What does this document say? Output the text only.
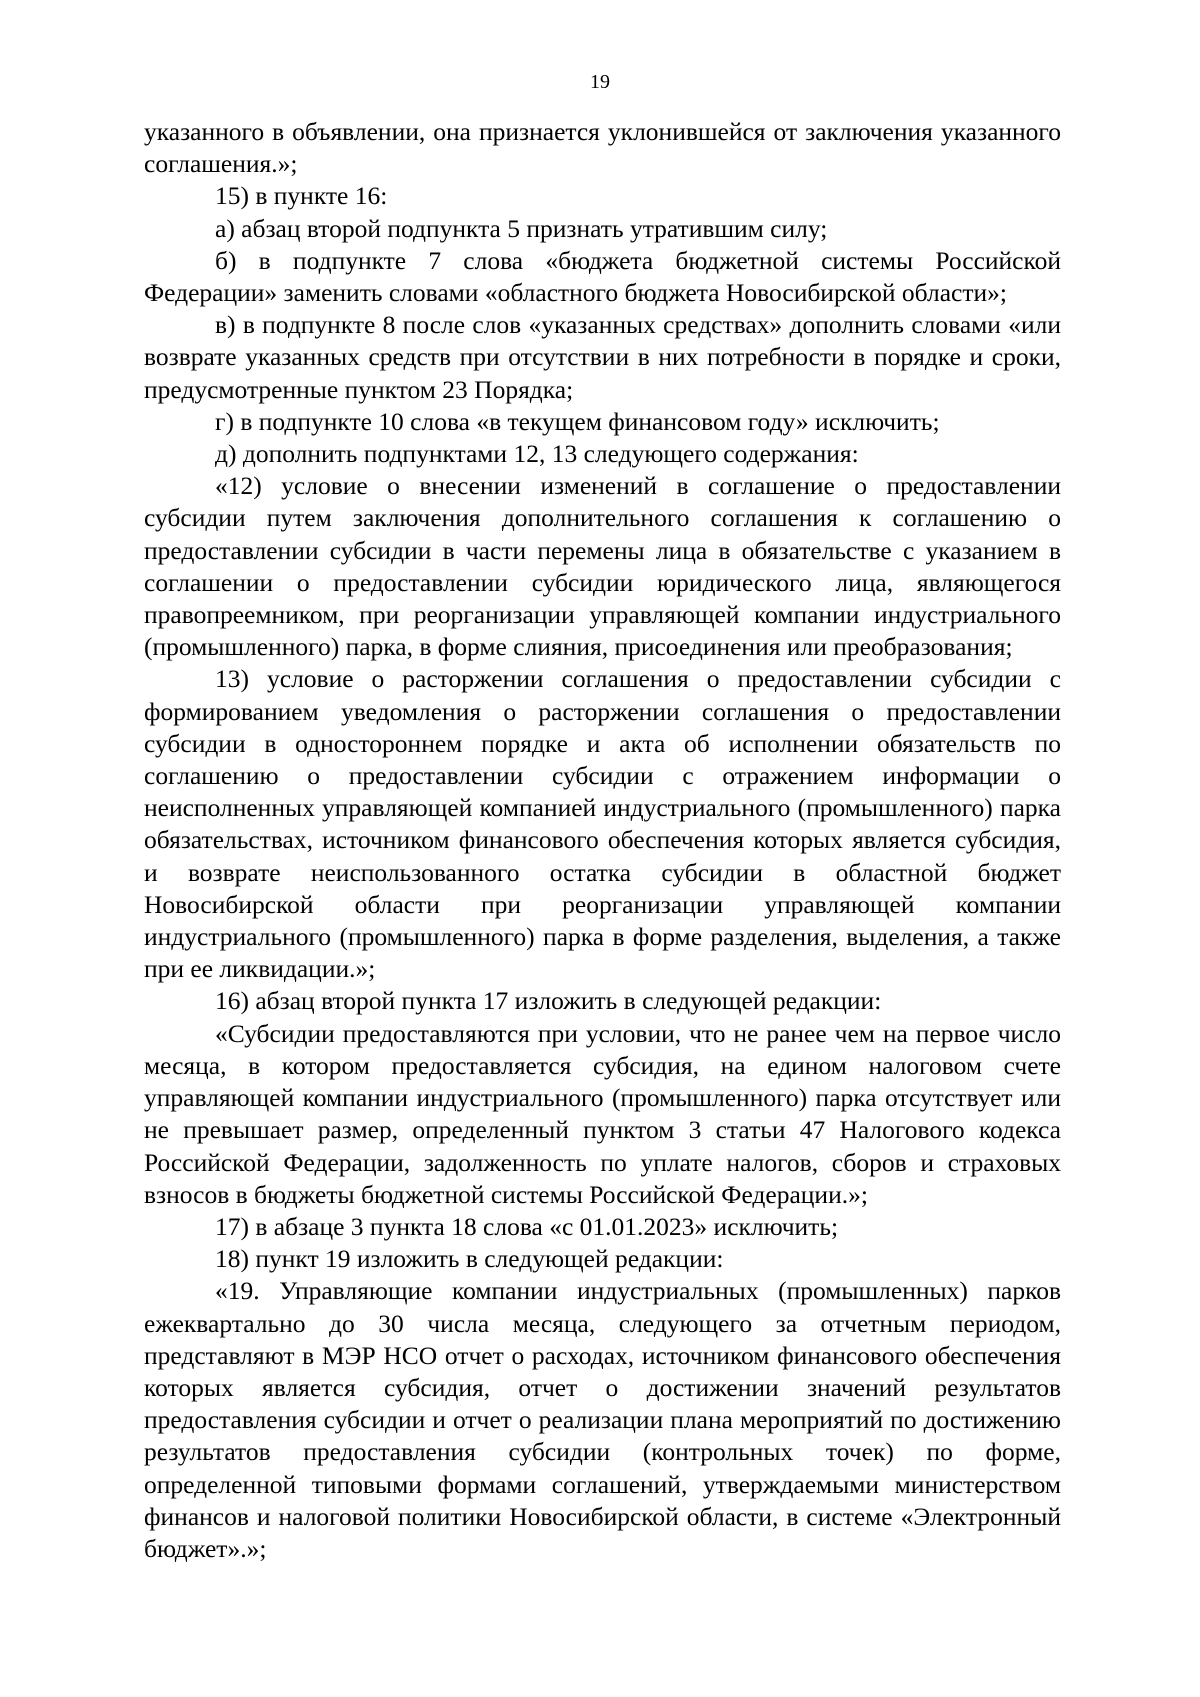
19

указанного в объявлении, она признается уклонившейся от заключения указанного соглашения.»;

15) в пункте 16:

а) абзац второй подпункта 5 признать утратившим силу;

б) в подпункте 7 слова «бюджета бюджетной системы Российской Федерации» заменить словами «областного бюджета Новосибирской области»;

в) в подпункте 8 после слов «указанных средствах» дополнить словами «или возврате указанных средств при отсутствии в них потребности в порядке и сроки, предусмотренные пунктом 23 Порядка;

г) в подпункте 10 слова «в текущем финансовом году» исключить;

д) дополнить подпунктами 12, 13 следующего содержания:

«12) условие о внесении изменений в соглашение о предоставлении субсидии путем заключения дополнительного соглашения к соглашению о предоставлении субсидии в части перемены лица в обязательстве с указанием в соглашении о предоставлении субсидии юридического лица, являющегося правопреемником, при реорганизации управляющей компании индустриального (промышленного) парка, в форме слияния, присоединения или преобразования;

13) условие о расторжении соглашения о предоставлении субсидии с формированием уведомления о расторжении соглашения о предоставлении субсидии в одностороннем порядке и акта об исполнении обязательств по соглашению о предоставлении субсидии с отражением информации о неисполненных управляющей компанией индустриального (промышленного) парка обязательствах, источником финансового обеспечения которых является субсидия, и возврате неиспользованного остатка субсидии в областной бюджет Новосибирской области при реорганизации управляющей компании индустриального (промышленного) парка в форме разделения, выделения, а также при ее ликвидации.»;

16) абзац второй пункта 17 изложить в следующей редакции:

«Субсидии предоставляются при условии, что не ранее чем на первое число месяца, в котором предоставляется субсидия, на едином налоговом счете управляющей компании индустриального (промышленного) парка отсутствует или не превышает размер, определенный пунктом 3 статьи 47 Налогового кодекса Российской Федерации, задолженность по уплате налогов, сборов и страховых взносов в бюджеты бюджетной системы Российской Федерации.»;

17) в абзаце 3 пункта 18 слова «с 01.01.2023» исключить;

18) пункт 19 изложить в следующей редакции:

«19. Управляющие компании индустриальных (промышленных) парков ежеквартально до 30 числа месяца, следующего за отчетным периодом, представляют в МЭР НСО отчет о расходах, источником финансового обеспечения которых является субсидия, отчет о достижении значений результатов предоставления субсидии и отчет о реализации плана мероприятий по достижению результатов предоставления субсидии (контрольных точек) по форме, определенной типовыми формами соглашений, утверждаемыми министерством финансов и налоговой политики Новосибирской области, в системе «Электронный бюджет».»;
